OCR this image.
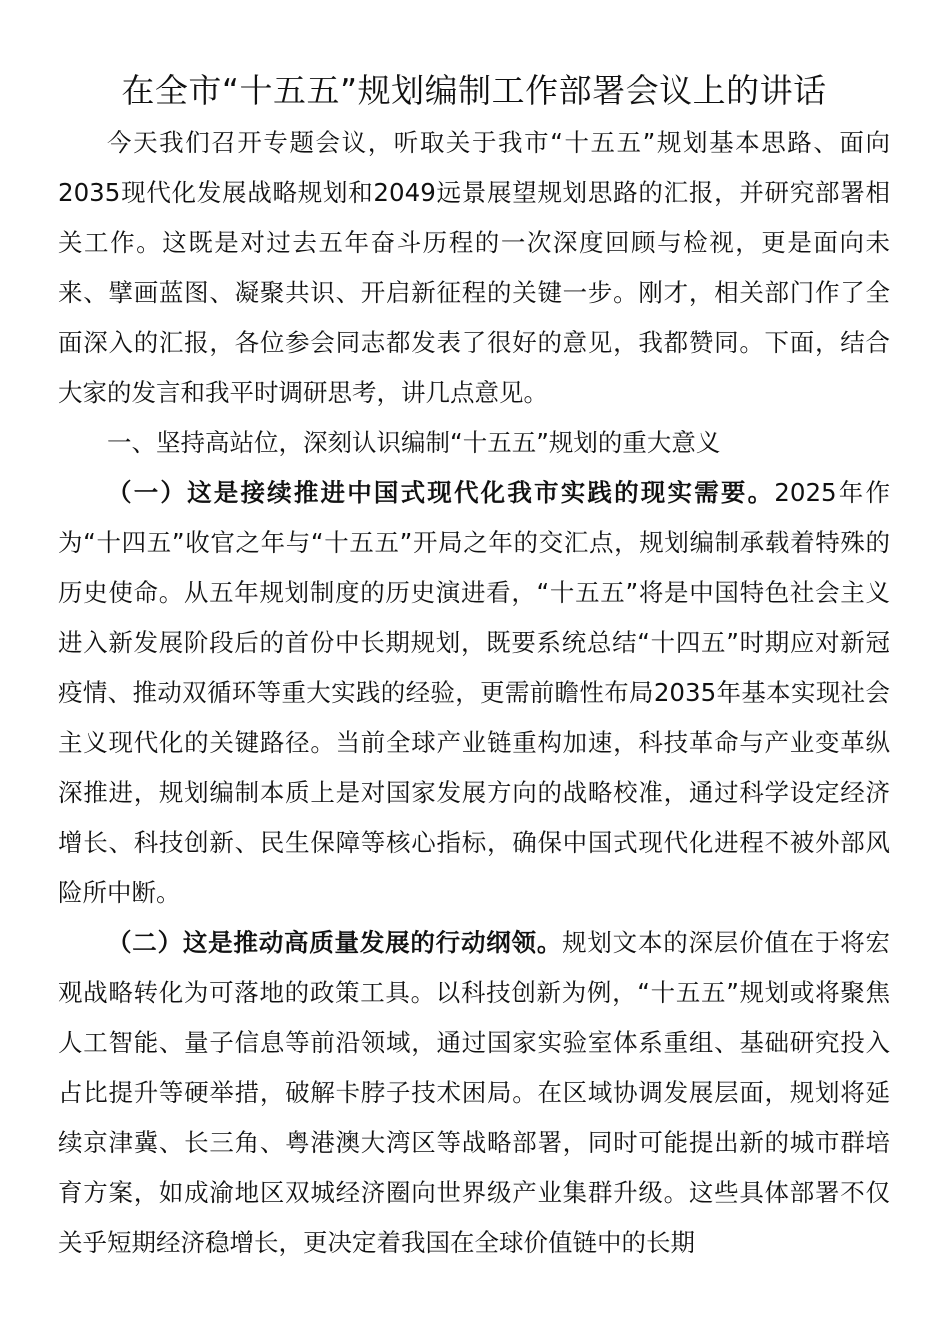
在全市“十五五”规划编制工作部署会议上的讲话

今天我们召开专题会议，听取关于我市“十五五”规划基本思路、面向2035现代化发展战略规划和2049远景展望规划思路的汇报，并研究部署相关工作。这既是对过去五年奋斗历程的一次深度回顾与检视，更是面向未来、擘画蓝图、凝聚共识、开启新征程的关键一步。刚才，相关部门作了全面深入的汇报，各位参会同志都发表了很好的意见，我都赞同。下面，结合大家的发言和我平时调研思考，讲几点意见。

一、坚持高站位，深刻认识编制“十五五”规划的重大意义

（一）这是接续推进中国式现代化我市实践的现实需要。2025年作为“十四五”收官之年与“十五五”开局之年的交汇点，规划编制承载着特殊的历史使命。从五年规划制度的历史演进看，“十五五”将是中国特色社会主义进入新发展阶段后的首份中长期规划，既要系统总结“十四五”时期应对新冠疫情、推动双循环等重大实践的经验，更需前瞻性布局2035年基本实现社会主义现代化的关键路径。当前全球产业链重构加速，科技革命与产业变革纵深推进，规划编制本质上是对国家发展方向的战略校准，通过科学设定经济增长、科技创新、民生保障等核心指标，确保中国式现代化进程不被外部风险所中断。

（二）这是推动高质量发展的行动纲领。规划文本的深层价值在于将宏观战略转化为可落地的政策工具。以科技创新为例，“十五五”规划或将聚焦人工智能、量子信息等前沿领域，通过国家实验室体系重组、基础研究投入占比提升等硬举措，破解卡脖子技术困局。在区域协调发展层面，规划将延续京津冀、长三角、粤港澳大湾区等战略部署，同时可能提出新的城市群培育方案，如成渝地区双城经济圈向世界级产业集群升级。这些具体部署不仅关乎短期经济稳增长，更决定着我国在全球价值链中的长期
